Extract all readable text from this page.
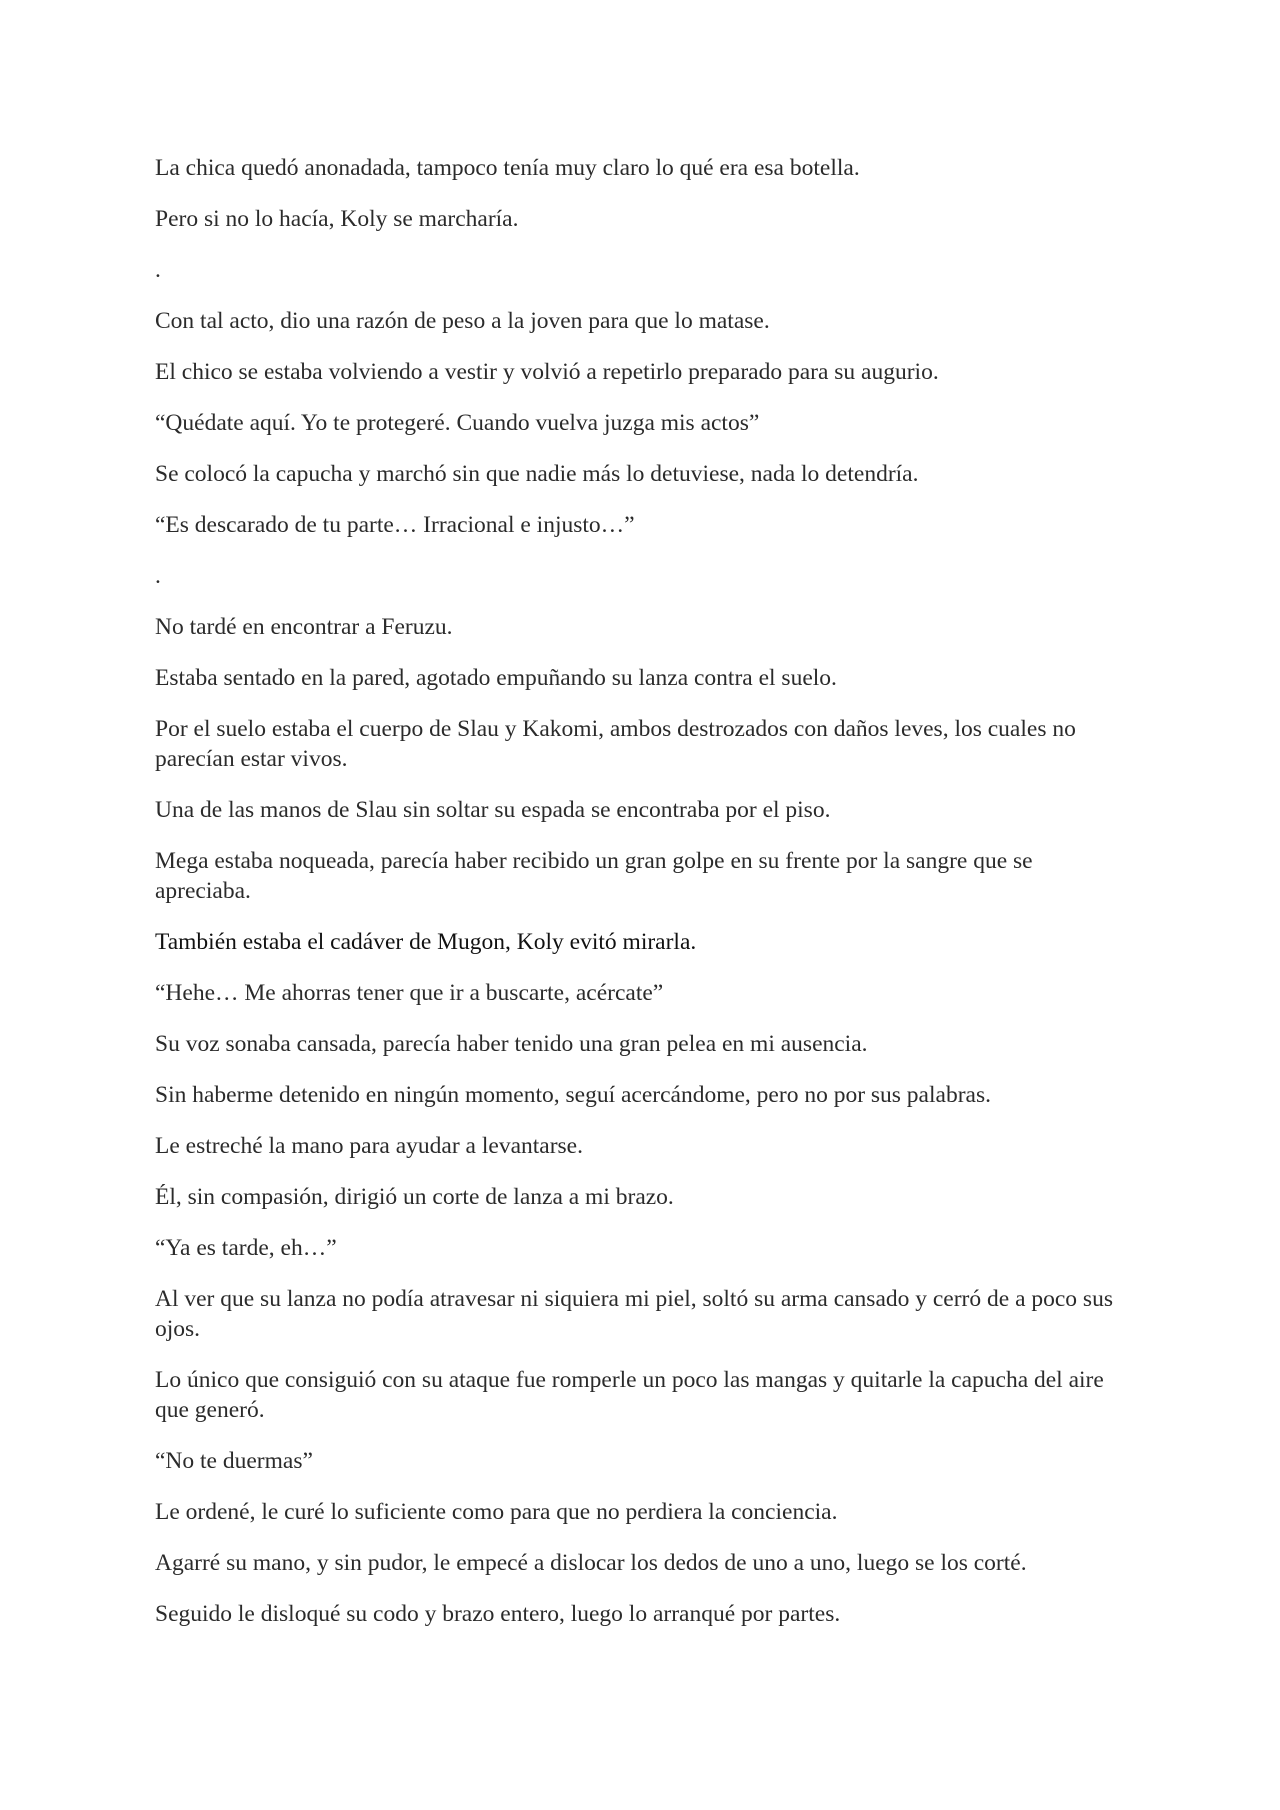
La chica quedó anonadada, tampoco tenía muy claro lo qué era esa botella.

Pero si no lo hacía, Koly se marcharía.

.

Con tal acto, dio una razón de peso a la joven para que lo matase.

El chico se estaba volviendo a vestir y volvió a repetirlo preparado para su augurio.

“Quédate aquí. Yo te protegeré. Cuando vuelva juzga mis actos”

Se colocó la capucha y marchó sin que nadie más lo detuviese, nada lo detendría.

“Es descarado de tu parte… Irracional e injusto…”

.

No tardé en encontrar a Feruzu.

Estaba sentado en la pared, agotado empuñando su lanza contra el suelo.

Por el suelo estaba el cuerpo de Slau y Kakomi, ambos destrozados con daños leves, los cuales no parecían estar vivos.

Una de las manos de Slau sin soltar su espada se encontraba por el piso.

Mega estaba noqueada, parecía haber recibido un gran golpe en su frente por la sangre que se apreciaba.

También estaba el cadáver de Mugon, Koly evitó mirarla.

“Hehe… Me ahorras tener que ir a buscarte, acércate”

Su voz sonaba cansada, parecía haber tenido una gran pelea en mi ausencia.

Sin haberme detenido en ningún momento, seguí acercándome, pero no por sus palabras.

Le estreché la mano para ayudar a levantarse.

Él, sin compasión, dirigió un corte de lanza a mi brazo.

“Ya es tarde, eh…”

Al ver que su lanza no podía atravesar ni siquiera mi piel, soltó su arma cansado y cerró de a poco sus ojos.

Lo único que consiguió con su ataque fue romperle un poco las mangas y quitarle la capucha del aire que generó.

“No te duermas”

Le ordené, le curé lo suficiente como para que no perdiera la conciencia.

Agarré su mano, y sin pudor, le empecé a dislocar los dedos de uno a uno, luego se los corté.

Seguido le disloqué su codo y brazo entero, luego lo arranqué por partes.
